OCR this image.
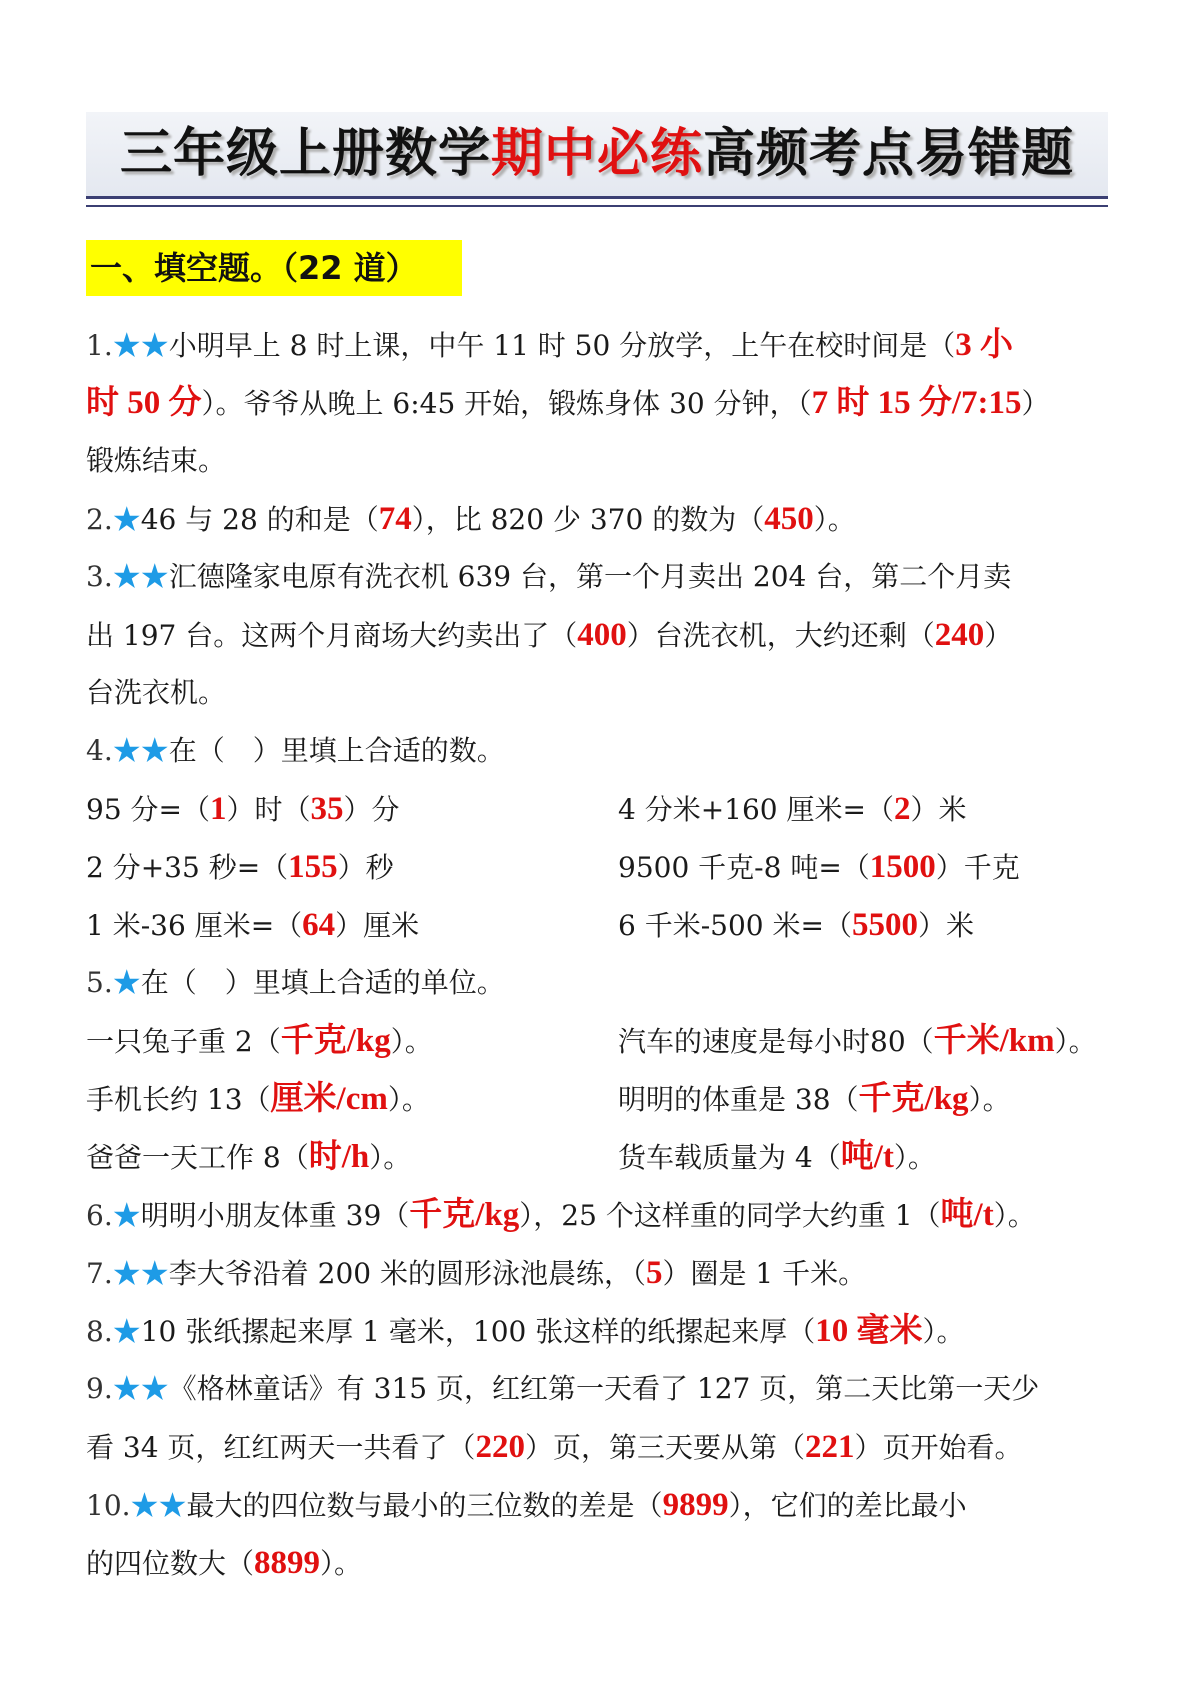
三年级上册数学期中必练高频考点易错题
一、填空题。（22 道）
1.★★小明早上 8 时上课，中午 11 时 50 分放学，上午在校时间是（3 小
时 50 分）。爷爷从晚上 6:45 开始，锻炼身体 30 分钟，（7 时 15 分/7:15）
锻炼结束。
2.★46 与 28 的和是（74），比 820 少 370 的数为（450）。
3.★★汇德隆家电原有洗衣机 639 台，第一个月卖出 204 台，第二个月卖
出 197 台。这两个月商场大约卖出了（400）台洗衣机，大约还剩（240）
台洗衣机。
4.★★在（　）里填上合适的数。
95 分=（1）时（35）分	4 分米+160 厘米=（2）米
2 分+35 秒=（155）秒	9500 千克-8 吨=（1500）千克
1 米-36 厘米=（64）厘米	6 千米-500 米=（5500）米
5.★在（　）里填上合适的单位。
一只兔子重 2（千克/kg）。	汽车的速度是每小时80（千米/km）。
手机长约 13（厘米/cm）。	明明的体重是 38（千克/kg）。
爸爸一天工作 8（时/h）。	货车载质量为 4（吨/t）。
6.★明明小朋友体重 39（千克/kg），25 个这样重的同学大约重 1（吨/t）。
7.★★李大爷沿着 200 米的圆形泳池晨练，（5）圈是 1 千米。
8.★10 张纸摞起来厚 1 毫米，100 张这样的纸摞起来厚（10 毫米）。
9.★★《格林童话》有 315 页，红红第一天看了 127 页，第二天比第一天少
看 34 页，红红两天一共看了（220）页，第三天要从第（221）页开始看。
10.★★最大的四位数与最小的三位数的差是（9899），它们的差比最小
的四位数大（8899）。
